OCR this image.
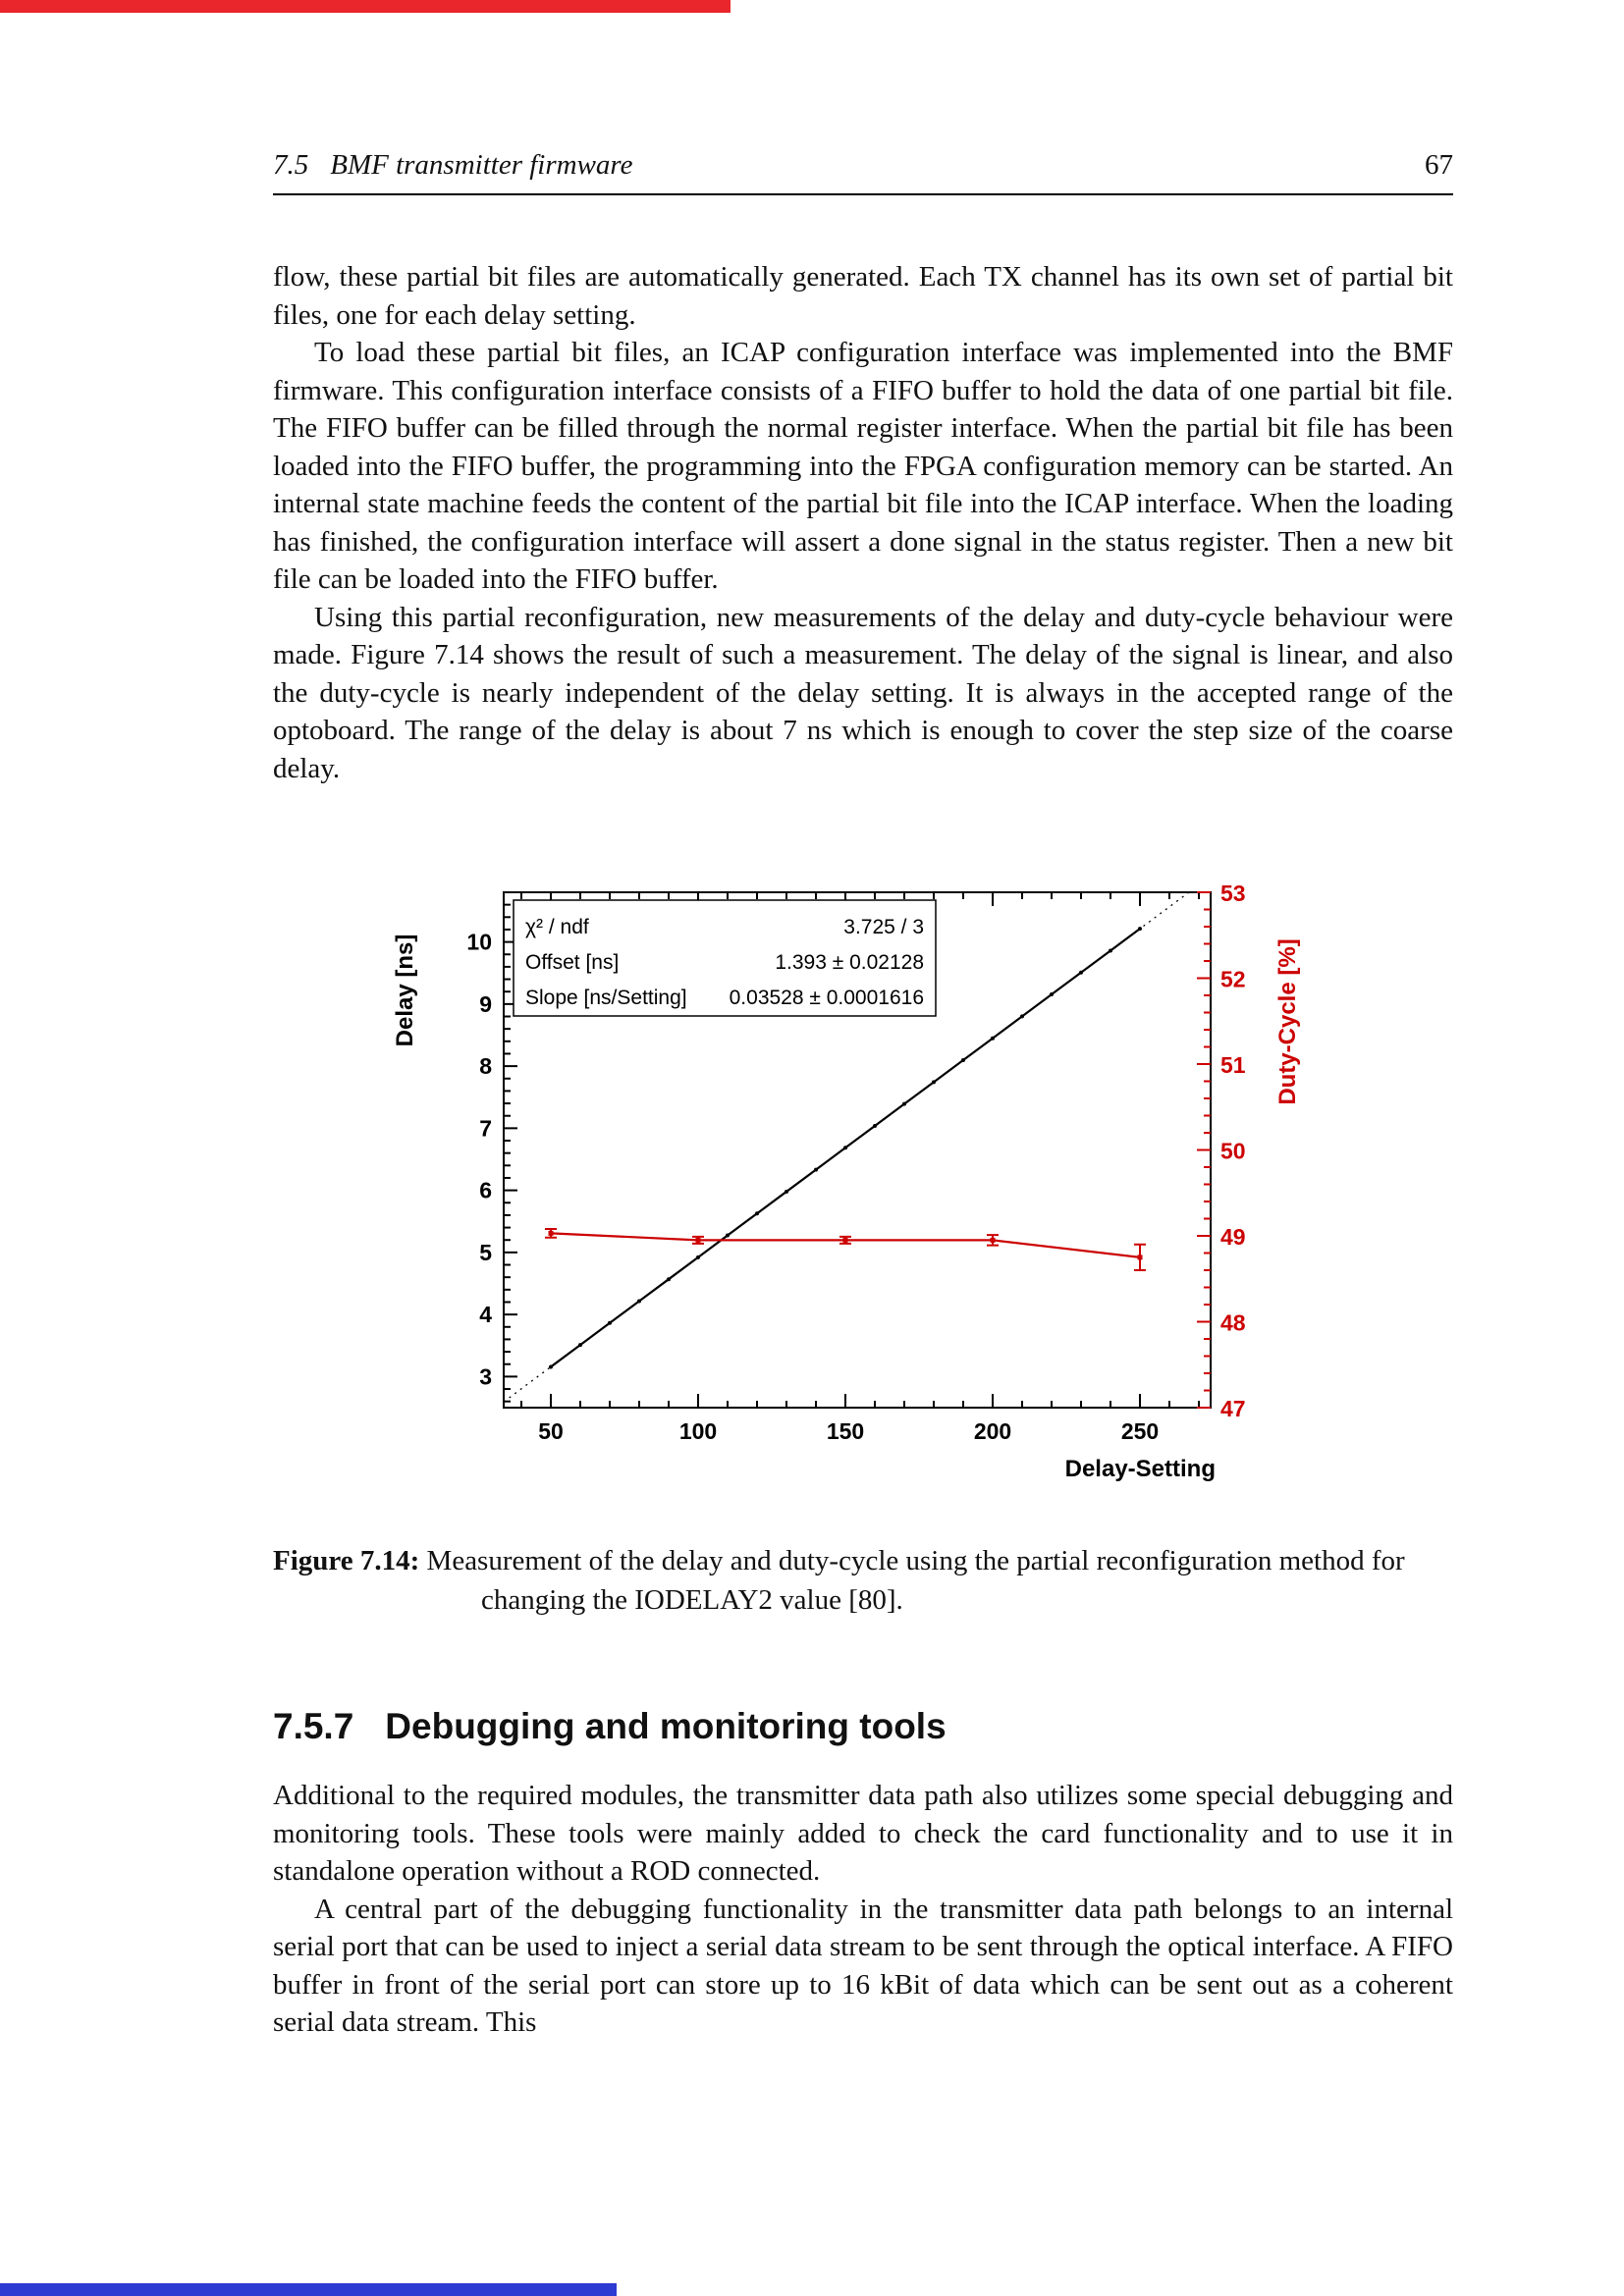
7.5 BMF transmitter firmware	67

flow, these partial bit files are automatically generated. Each TX channel has its own set of partial bit files, one for each delay setting.

To load these partial bit files, an ICAP configuration interface was implemented into the BMF firmware. This configuration interface consists of a FIFO buffer to hold the data of one partial bit file. The FIFO buffer can be filled through the normal register interface. When the partial bit file has been loaded into the FIFO buffer, the programming into the FPGA configuration memory can be started. An internal state machine feeds the content of the partial bit file into the ICAP interface. When the loading has finished, the configuration interface will assert a done signal in the status register. Then a new bit file can be loaded into the FIFO buffer.

Using this partial reconfiguration, new measurements of the delay and duty-cycle behaviour were made. Figure 7.14 shows the result of such a measurement. The delay of the signal is linear, and also the duty-cycle is nearly independent of the delay setting. It is always in the accepted range of the optoboard. The range of the delay is about 7 ns which is enough to cover the step size of the coarse delay.

50	100	150	200	250
3
4
5
6
7
8
9
10
47
48
49
50
51
52
53
Delay [ns]	Duty-Cycle [%]
Delay-Setting
χ² / ndf	3.725 / 3
Offset [ns]	1.393 ± 0.02128
Slope [ns/Setting] 0.03528 ± 0.0001616
Figure 7.14: Measurement of the delay and duty-cycle using the partial reconfiguration method for changing the IODELAY2 value [80].
7.5.7 Debugging and monitoring tools

Additional to the required modules, the transmitter data path also utilizes some special debugging and monitoring tools. These tools were mainly added to check the card functionality and to use it in standalone operation without a ROD connected.

A central part of the debugging functionality in the transmitter data path belongs to an internal serial port that can be used to inject a serial data stream to be sent through the optical interface. A FIFO buffer in front of the serial port can store up to 16 kBit of data which can be sent out as a coherent serial data stream. This
